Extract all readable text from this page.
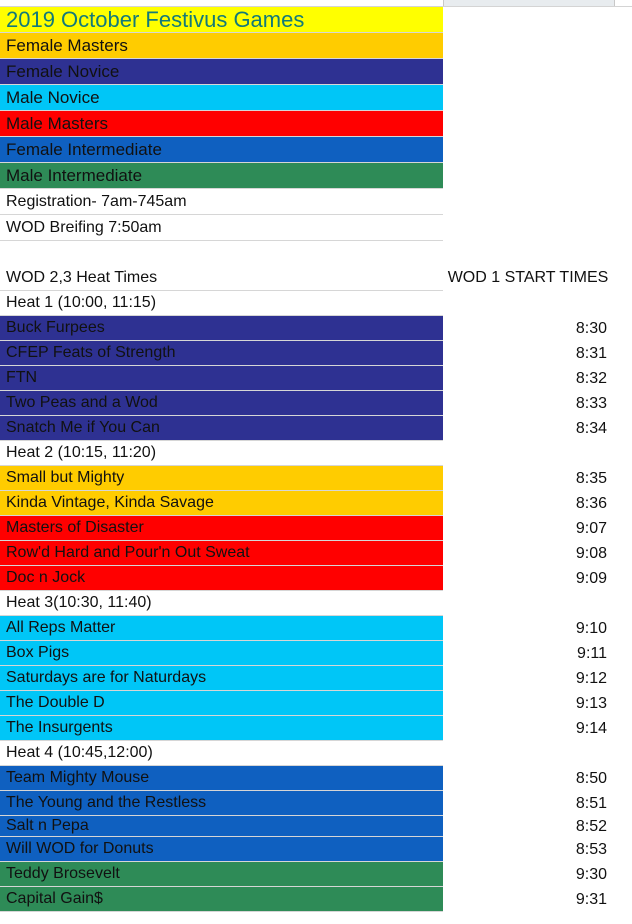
2019 October Festivus Games
Female Masters
Female Novice
Male Novice
Male Masters
Female Intermediate
Male Intermediate
Registration- 7am-745am
WOD Breifing 7:50am
WOD 2,3 Heat Times	WOD 1 START TIMES
Heat 1 (10:00, 11:15)
Buck Furpees	8:30
CFEP Feats of Strength	8:31
FTN	8:32
Two Peas and a Wod	8:33
Snatch Me if You Can	8:34
Heat 2 (10:15, 11:20)
Small but Mighty	8:35
Kinda Vintage, Kinda Savage	8:36
Masters of Disaster	9:07
Row'd Hard and Pour'n Out Sweat	9:08
Doc n Jock	9:09
Heat 3(10:30, 11:40)
All Reps Matter	9:10
Box Pigs	9:11
Saturdays are for Naturdays	9:12
The Double D	9:13
The Insurgents	9:14
Heat 4 (10:45,12:00)
Team Mighty Mouse	8:50
The Young and the Restless	8:51
Salt n Pepa	8:52
Will WOD for Donuts	8:53
Teddy Brosevelt	9:30
Capital Gain$	9:31
